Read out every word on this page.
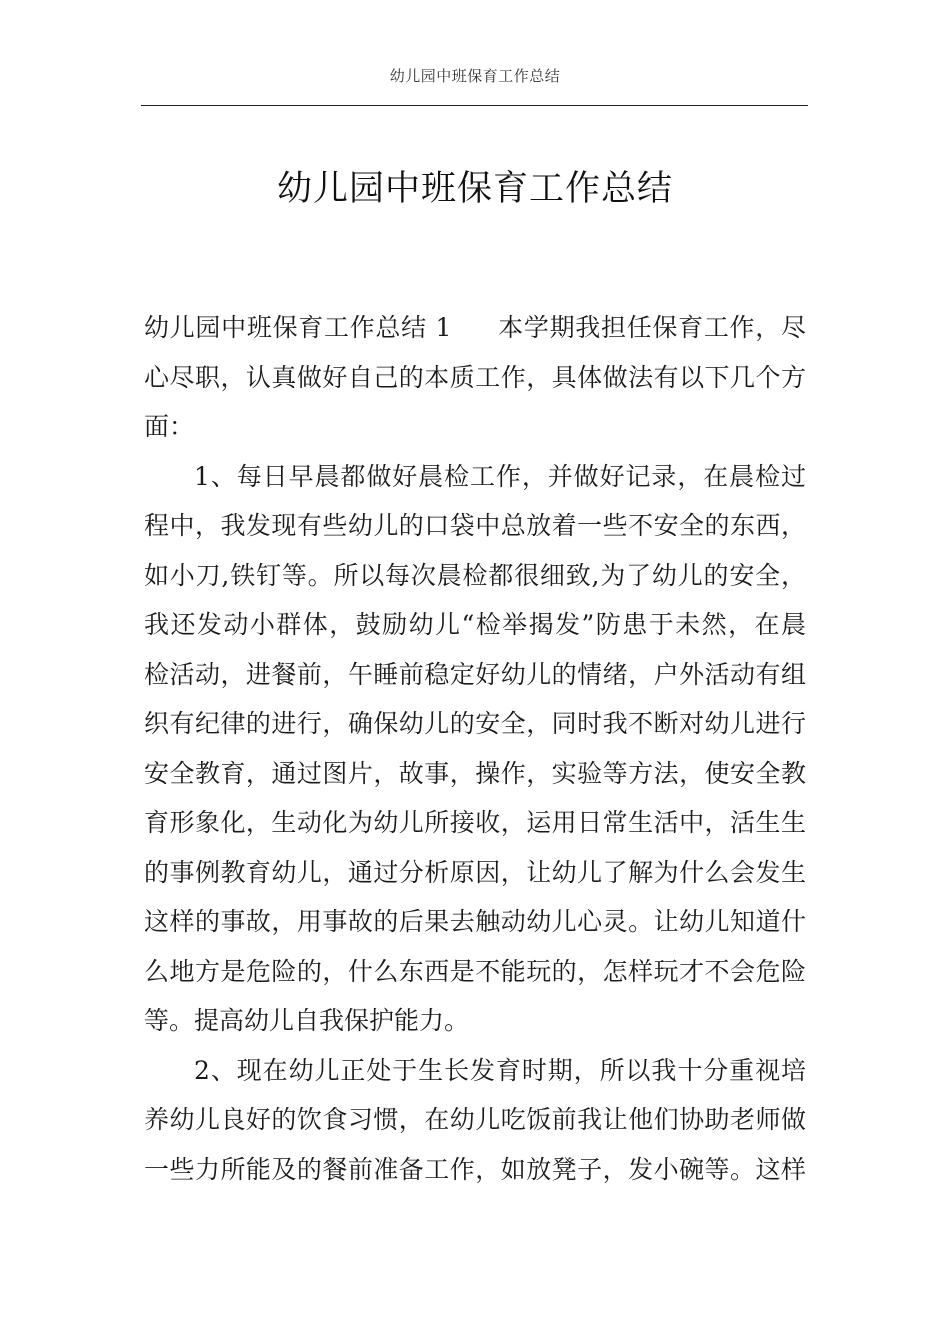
幼儿园中班保育工作总结
幼儿园中班保育工作总结
幼儿园中班保育工作总结 1 本学期我担任保育工作，尽
心尽职，认真做好自己的本质工作，具体做法有以下几个方
面：
1、每日早晨都做好晨检工作，并做好记录，在晨检过
程中，我发现有些幼儿的口袋中总放着一些不安全的东西，
如小刀,铁钉等。所以每次晨检都很细致,为了幼儿的安全，
我还发动小群体，鼓励幼儿“检举揭发”防患于未然，在晨
检活动，进餐前，午睡前稳定好幼儿的情绪，户外活动有组
织有纪律的进行，确保幼儿的安全，同时我不断对幼儿进行
安全教育，通过图片，故事，操作，实验等方法，使安全教
育形象化，生动化为幼儿所接收，运用日常生活中，活生生
的事例教育幼儿，通过分析原因，让幼儿了解为什么会发生
这样的事故，用事故的后果去触动幼儿心灵。让幼儿知道什
么地方是危险的，什么东西是不能玩的，怎样玩才不会危险
等。提高幼儿自我保护能力。
2、现在幼儿正处于生长发育时期，所以我十分重视培
养幼儿良好的饮食习惯，在幼儿吃饭前我让他们协助老师做
一些力所能及的餐前准备工作，如放凳子，发小碗等。这样
